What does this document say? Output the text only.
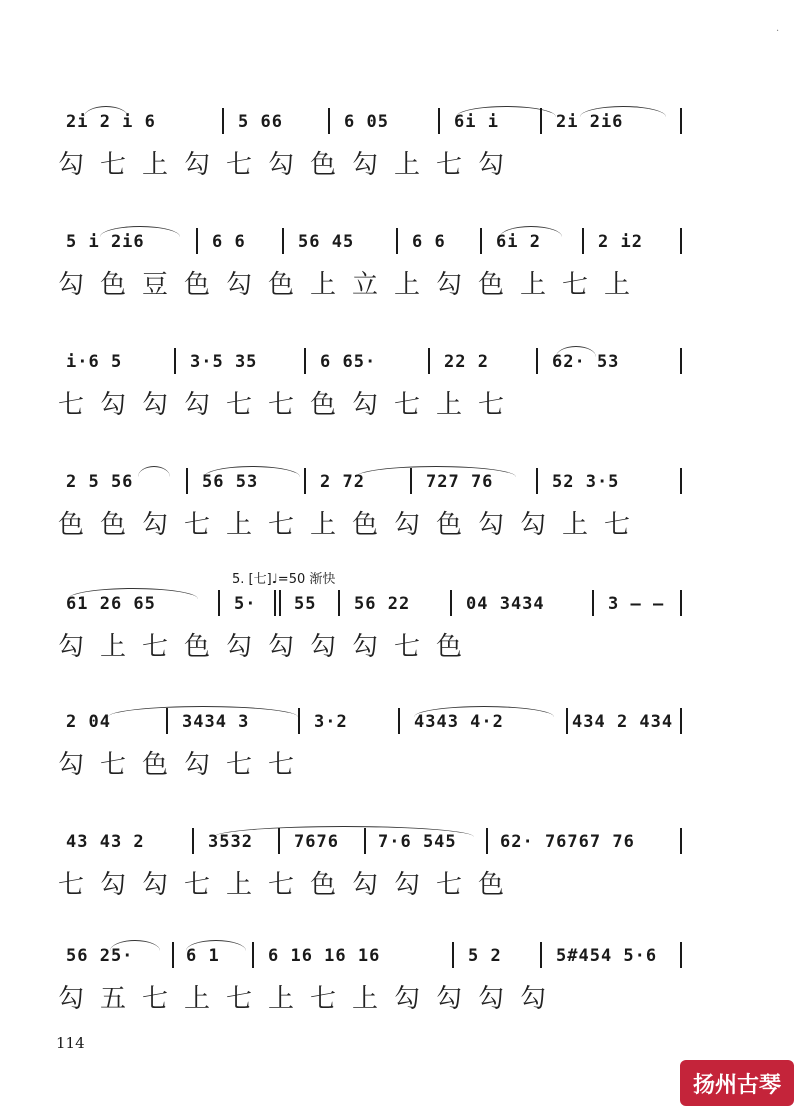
2i 2 i 6	5 66	6 05	6i i	2i 2i6
勾七上勾七勾色勾上七勾
5 i 2i6	6 6	56 45	6 6	6i 2	2 i2
勾色豆色勾色上立上勾色上七上
i·6 5	3·5 35	6 65·	22 2	62· 53
七勾勾勾七七色勾七上七
2 5 56	56 53	2 72	727 76	52 3·5
色色勾七上七上色勾色勾勾上七
5. [七]♩=50 渐快
61 26 65	5· 55 56 22	04 3434	3 — —
勾上七色勾勾勾勾七色
2 04	3434 3	3·2	4343 4·2	434 2 434
勾七色勾七七
43 43 2	3532 7676 7·6 545	62· 76767 76
七勾勾七上七色勾勾七色
56 25·	6 1	6 16 16 16	5 2	5#454 5·6
勾五七上七上七上勾勾勾勾
114
·
扬州古琴
